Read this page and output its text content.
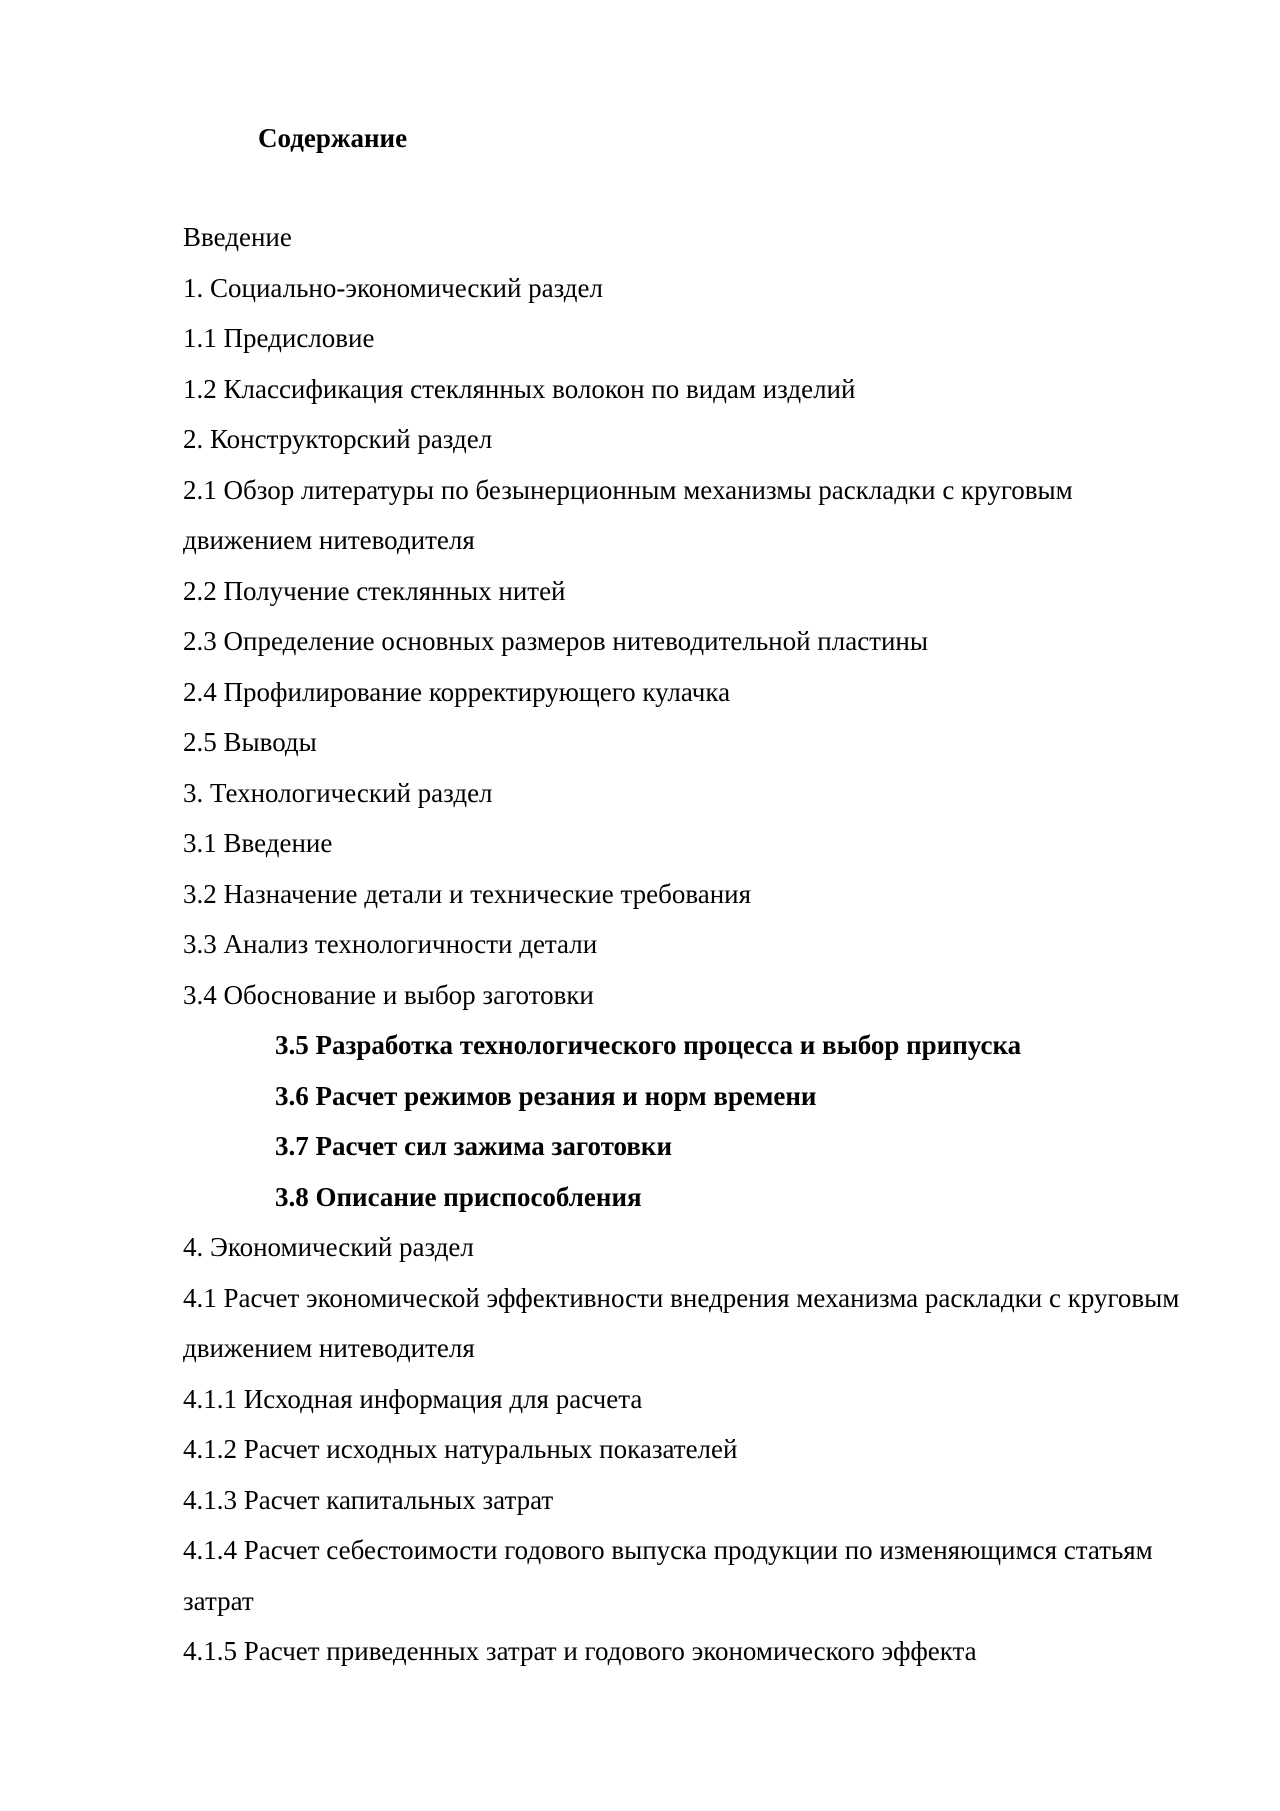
Содержание
Введение
1. Социально-экономический раздел
1.1 Предисловие
1.2 Классификация стеклянных волокон по видам изделий
2. Конструкторский раздел
2.1 Обзор литературы по безынерционным механизмы раскладки с круговым движением нитеводителя
2.2 Получение стеклянных нитей
2.3 Определение основных размеров нитеводительной пластины
2.4 Профилирование корректирующего кулачка
2.5 Выводы
3. Технологический раздел
3.1 Введение
3.2 Назначение детали и технические требования
3.3 Анализ технологичности детали
3.4 Обоснование и выбор заготовки
3.5 Разработка технологического процесса и выбор припуска
3.6 Расчет режимов резания и норм времени
3.7 Расчет сил зажима заготовки
3.8 Описание приспособления
4. Экономический раздел
4.1 Расчет экономической эффективности внедрения механизма раскладки с круговым движением нитеводителя
4.1.1 Исходная информация для расчета
4.1.2 Расчет исходных натуральных показателей
4.1.3 Расчет капитальных затрат
4.1.4 Расчет себестоимости годового выпуска продукции по изменяющимся статьям затрат
4.1.5 Расчет приведенных затрат и годового экономического эффекта
